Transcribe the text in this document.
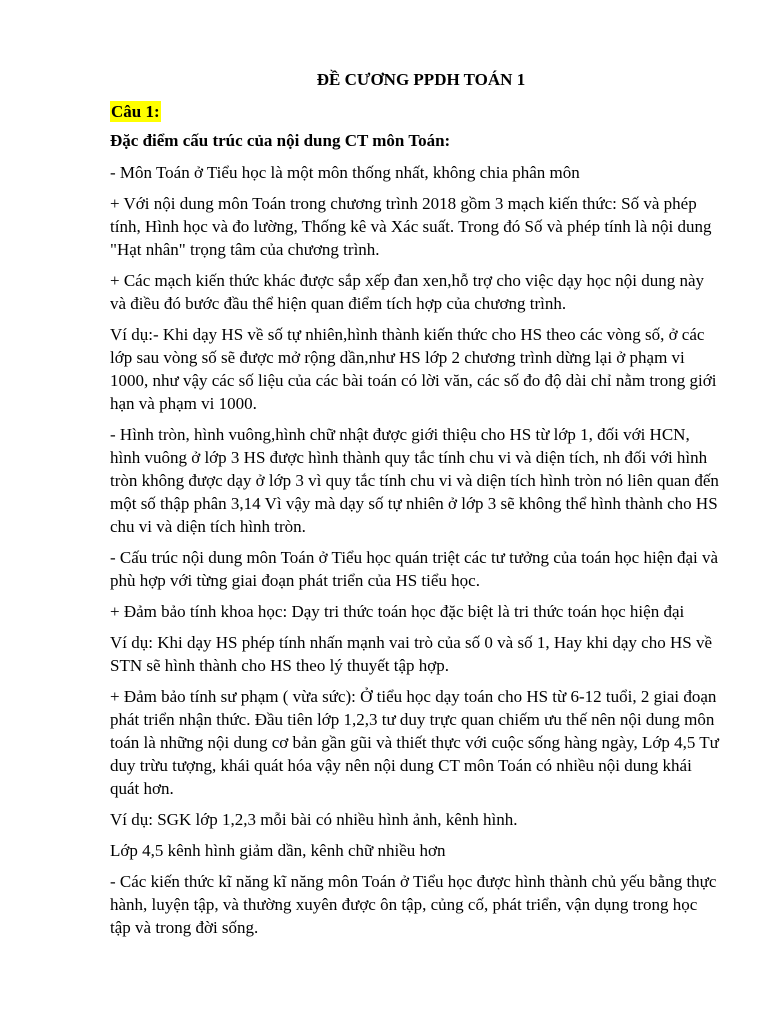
ĐỀ CƯƠNG PPDH TOÁN 1

Câu 1:

Đặc điểm cấu trúc của nội dung CT môn Toán:

- Môn Toán ở Tiểu học là một môn thống nhất, không chia phân môn

+ Với nội dung môn Toán trong chương trình 2018 gồm 3 mạch kiến thức: Số và phép tính, Hình học và đo lường, Thống kê và Xác suất. Trong đó Số và phép tính là nội dung "Hạt nhân" trọng tâm của chương trình.

+ Các mạch kiến thức khác được sắp xếp đan xen,hỗ trợ cho việc dạy học nội dung này và điều đó bước đầu thể hiện quan điểm tích hợp của chương trình.

Ví dụ:- Khi dạy HS về số tự nhiên,hình thành kiến thức cho HS theo các vòng số, ở các lớp sau vòng số sẽ được mở rộng dần,như HS lớp 2 chương trình dừng lại ở phạm vi 1000, như vậy các số liệu của các bài toán có lời văn, các số đo độ dài chỉ nằm trong giới hạn và phạm vi 1000.

- Hình tròn, hình vuông,hình chữ nhật được giới thiệu cho HS từ lớp 1, đối với HCN, hình vuông ở lớp 3 HS được hình thành quy tắc tính chu vi và diện tích, nh đối với hình tròn không được dạy ở lớp 3 vì quy tắc tính chu vi và diện tích hình tròn nó liên quan đến một số thập phân 3,14 Vì vậy mà dạy số tự nhiên ở lớp 3 sẽ không thể hình thành cho HS chu vi và diện tích hình tròn.

- Cấu trúc nội dung môn Toán ở Tiểu học quán triệt các tư tưởng của toán học hiện đại và phù hợp với từng giai đoạn phát triển của HS tiểu học.

+ Đảm bảo tính khoa học: Dạy tri thức toán học đặc biệt là tri thức toán học hiện đại

Ví dụ: Khi dạy HS phép tính nhấn mạnh vai trò của số 0 và số 1, Hay khi dạy cho HS về STN sẽ hình thành cho HS theo lý thuyết tập hợp.

+ Đảm bảo tính sư phạm ( vừa sức): Ở tiểu học dạy toán cho HS từ 6-12 tuổi, 2 giai đoạn phát triển nhận thức. Đầu tiên lớp 1,2,3 tư duy trực quan chiếm ưu thế nên nội dung môn toán là những nội dung cơ bản gần gũi và thiết thực với cuộc sống hàng ngày, Lớp 4,5 Tư duy trừu tượng, khái quát hóa vậy nên nội dung CT môn Toán có nhiều nội dung khái quát hơn.

Ví dụ: SGK lớp 1,2,3 mỗi bài có nhiều hình ảnh, kênh hình.

Lớp 4,5 kênh hình giảm dần, kênh chữ nhiều hơn

- Các kiến thức kĩ năng kĩ năng môn Toán ở Tiểu học được hình thành chủ yếu bằng thực hành, luyện tập, và thường xuyên được ôn tập, củng cố, phát triển, vận dụng trong học tập và trong đời sống.
